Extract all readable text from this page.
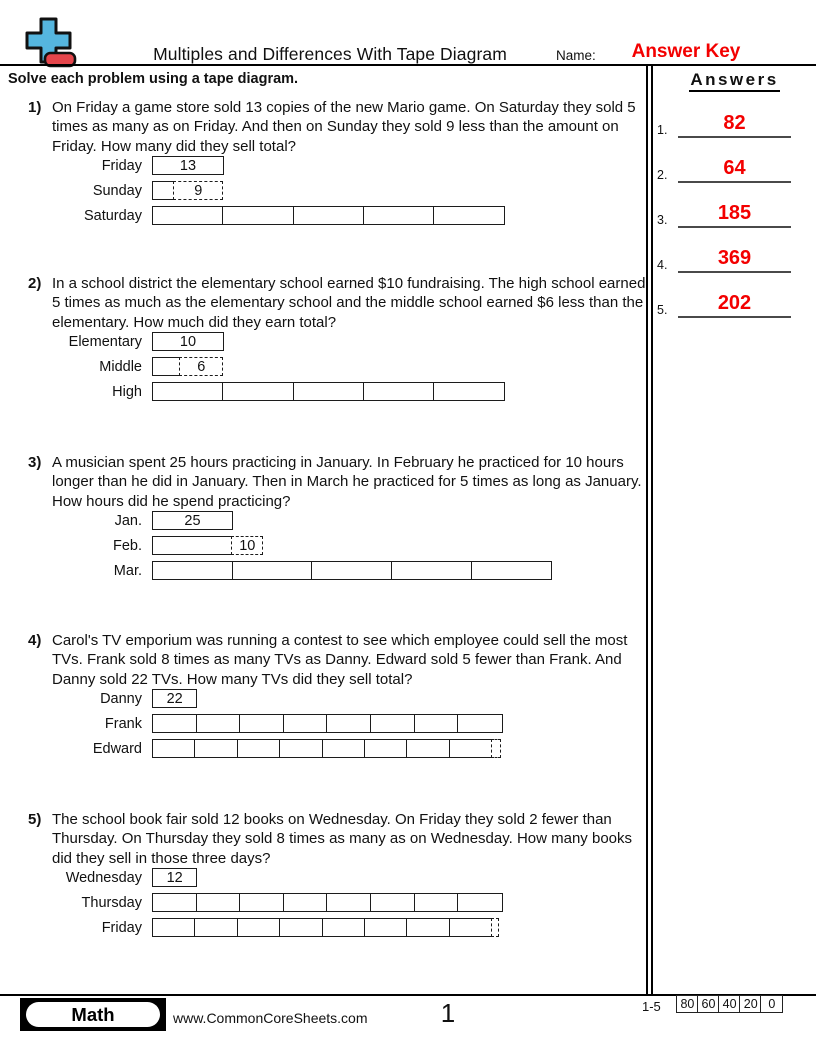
Multiples and Differences With Tape Diagram	Name:	Answer Key
Solve each problem using a tape diagram.	Answers
1.	82
2.	64
3.	185
4.	369
5.	202
1) On Friday a game store sold 13 copies of the new Mario game. On Saturday they sold 5 times as many as on Friday. And then on Sunday they sold 9 less than the amount on Friday. How many did they sell total?
Friday	13
Sunday	9
Saturday
2) In a school district the elementary school earned $10 fundraising. The high school earned 5 times as much as the elementary school and the middle school earned $6 less than the elementary. How much did they earn total?
Elementary	10
Middle	6
High
3) A musician spent 25 hours practicing in January. In February he practiced for 10 hours longer than he did in January. Then in March he practiced for 5 times as long as January. How hours did he spend practicing?
Jan.	25
Feb.	10
Mar.
4) Carol's TV emporium was running a contest to see which employee could sell the most TVs. Frank sold 8 times as many TVs as Danny. Edward sold 5 fewer than Frank. And Danny sold 22 TVs. How many TVs did they sell total?
Danny	22
Frank
Edward
5) The school book fair sold 12 books on Wednesday. On Friday they sold 2 fewer than Thursday. On Thursday they sold 8 times as many as on Wednesday. How many books did they sell in those three days?
Wednesday	12
Thursday
Friday
Math	www.CommonCoreSheets.com	1	1-5	80 60 40 20 0
